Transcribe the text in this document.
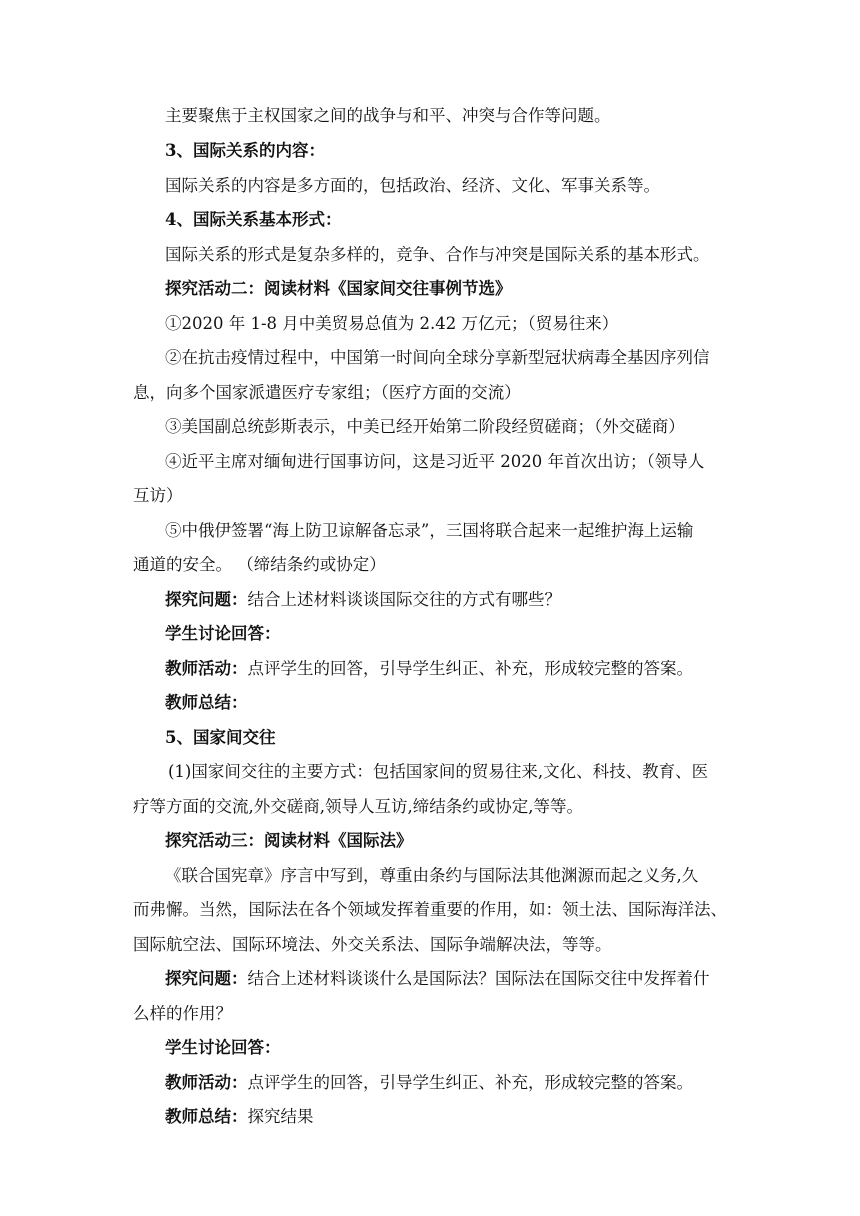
主要聚焦于主权国家之间的战争与和平、冲突与合作等问题。
3、国际关系的内容：
国际关系的内容是多方面的，包括政治、经济、文化、军事关系等。
4、国际关系基本形式：
国际关系的形式是复杂多样的，竞争、合作与冲突是国际关系的基本形式。
探究活动二：阅读材料《国家间交往事例节选》
①2020 年 1-8 月中美贸易总值为 2.42 万亿元；（贸易往来）
②在抗击疫情过程中，中国第一时间向全球分享新型冠状病毒全基因序列信
息，向多个国家派遣医疗专家组；（医疗方面的交流）
③美国副总统彭斯表示，中美已经开始第二阶段经贸磋商；（外交磋商）
④近平主席对缅甸进行国事访问，这是习近平 2020 年首次出访；（领导人
互访）
⑤中俄伊签署“海上防卫谅解备忘录”，三国将联合起来一起维护海上运输
通道的安全。 （缔结条约或协定）
探究问题：结合上述材料谈谈国际交往的方式有哪些？
学生讨论回答：
教师活动：点评学生的回答，引导学生纠正、补充，形成较完整的答案。
教师总结：
5、国家间交往
(1)国家间交往的主要方式：包括国家间的贸易往来,文化、科技、教育、医
疗等方面的交流,外交磋商,领导人互访,缔结条约或协定,等等。
探究活动三：阅读材料《国际法》
《联合国宪章》序言中写到，尊重由条约与国际法其他渊源而起之义务,久
而弗懈。当然，国际法在各个领域发挥着重要的作用，如：领土法、国际海洋法、
国际航空法、国际环境法、外交关系法、国际争端解决法，等等。
探究问题：结合上述材料谈谈什么是国际法？国际法在国际交往中发挥着什
么样的作用？
学生讨论回答：
教师活动：点评学生的回答，引导学生纠正、补充，形成较完整的答案。
教师总结：探究结果
